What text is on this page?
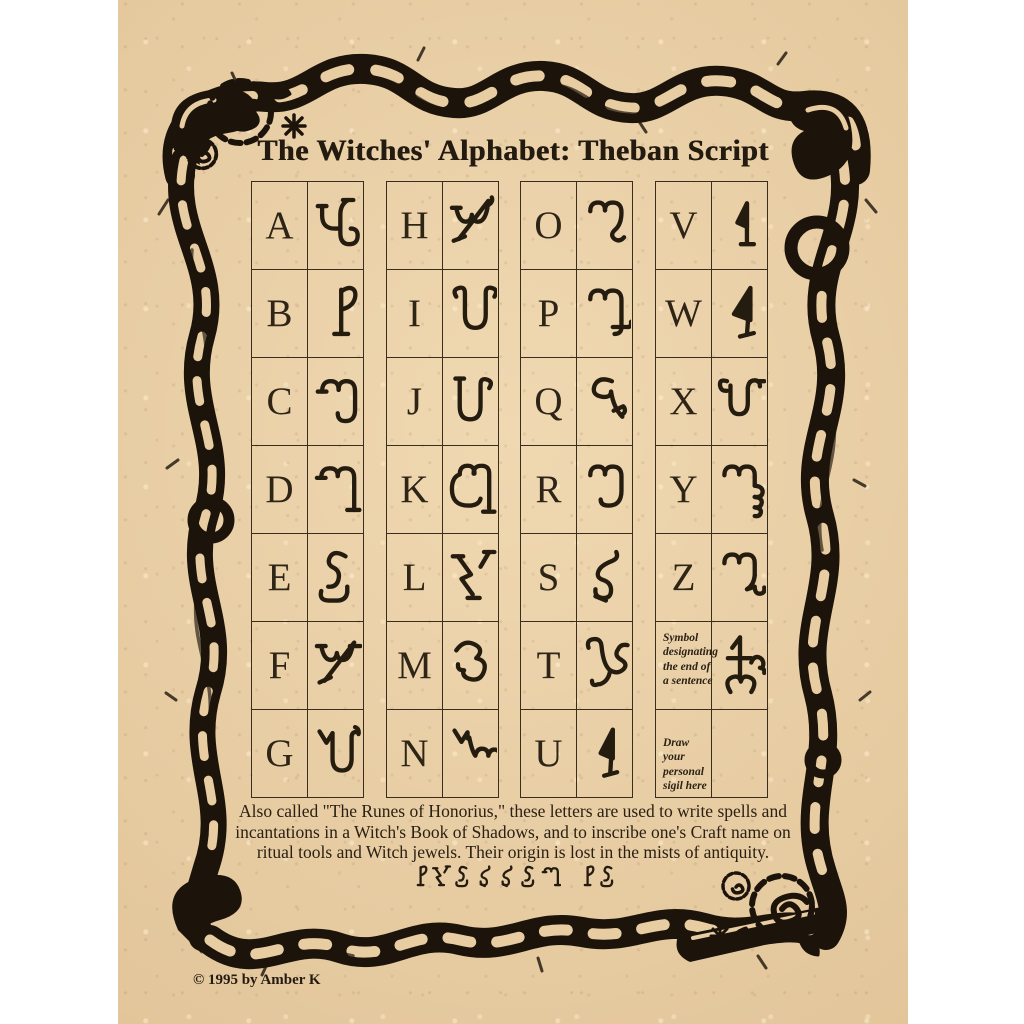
The Witches' Alphabet: Theban Script
A
B
C
D
E
F
G
H
I
J
K
L
M
N
O
P
Q
R
S
T
U
V
W
X
Y
Z
Symbol designating the end of a sentence
Draw your personal sigil here
Also called "The Runes of Honorius," these letters are used to write spells and
incantations in a Witch's Book of Shadows, and to inscribe one's Craft name on
ritual tools and Witch jewels. Their origin is lost in the mists of antiquity.
© 1995 by Amber K
